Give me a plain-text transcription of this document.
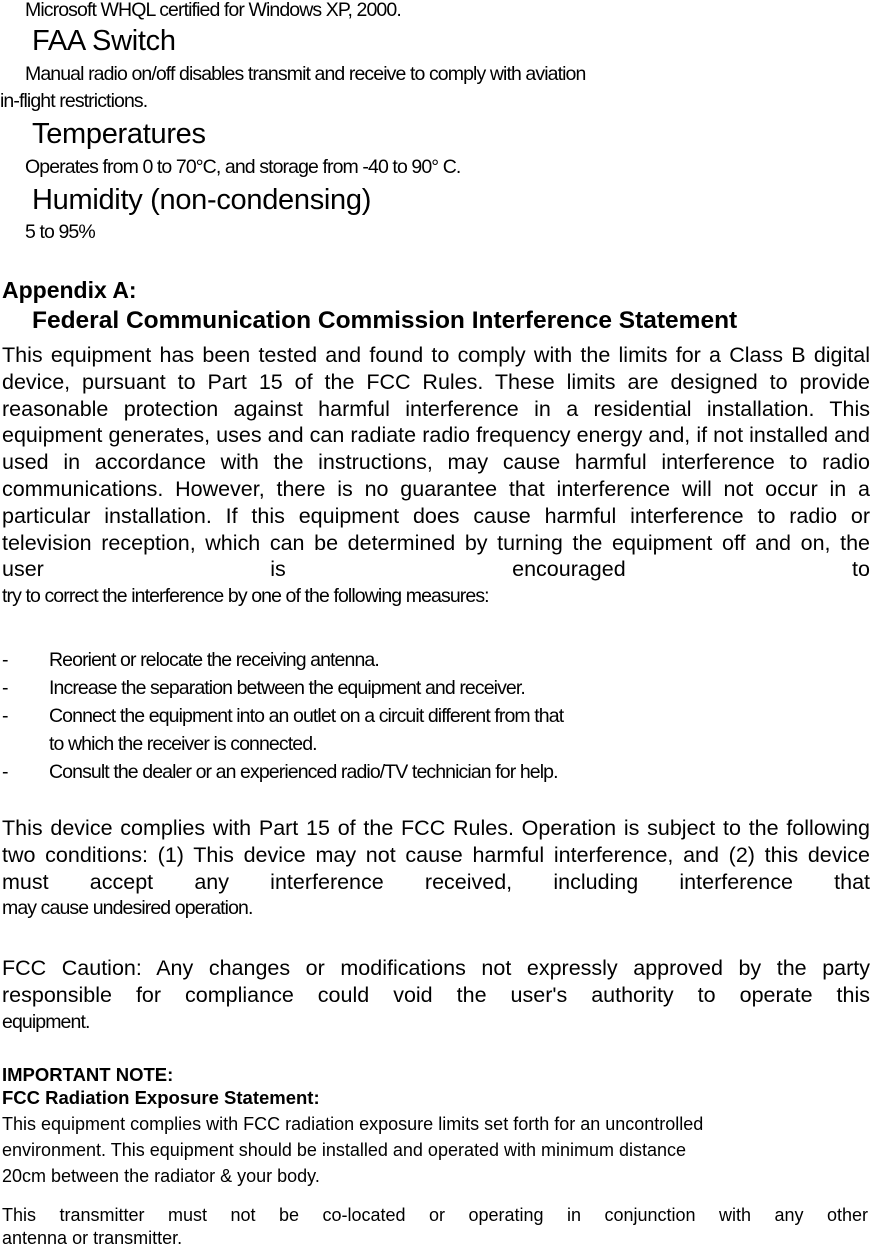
Microsoft WHQL certified for Windows XP, 2000.
FAA Switch
Manual radio on/off disables transmit and receive to comply with aviation
in-flight restrictions.
Temperatures
Operates from 0 to 70°C, and storage from -40 to 90° C.
Humidity (non-condensing)
5 to 95%
Appendix A:
Federal Communication Commission Interference Statement
This equipment has been tested and found to comply with the limits for a Class B digital device, pursuant to Part 15 of the FCC Rules. These limits are designed to provide reasonable protection against harmful interference in a residential installation. This equipment generates, uses and can radiate radio frequency energy and, if not installed and used in accordance with the instructions, may cause harmful interference to radio communications. However, there is no guarantee that interference will not occur in a particular installation. If this equipment does cause harmful interference to radio or television reception, which can be determined by turning the equipment off and on, the user is encouraged to
try to correct the interference by one of the following measures:
- Reorient or relocate the receiving antenna.
- Increase the separation between the equipment and receiver.
- Connect the equipment into an outlet on a circuit different from that
to which the receiver is connected.
- Consult the dealer or an experienced radio/TV technician for help.
This device complies with Part 15 of the FCC Rules. Operation is subject to the following two conditions: (1) This device may not cause harmful interference, and (2) this device must accept any interference received, including interference that
may cause undesired operation.
FCC Caution: Any changes or modifications not expressly approved by the party responsible for compliance could void the user's authority to operate this
equipment.
IMPORTANT NOTE:
FCC Radiation Exposure Statement:
This equipment complies with FCC radiation exposure limits set forth for an uncontrolled
environment. This equipment should be installed and operated with minimum distance
20cm between the radiator & your body.
This transmitter must not be co-located or operating in conjunction with any other
antenna or transmitter.
